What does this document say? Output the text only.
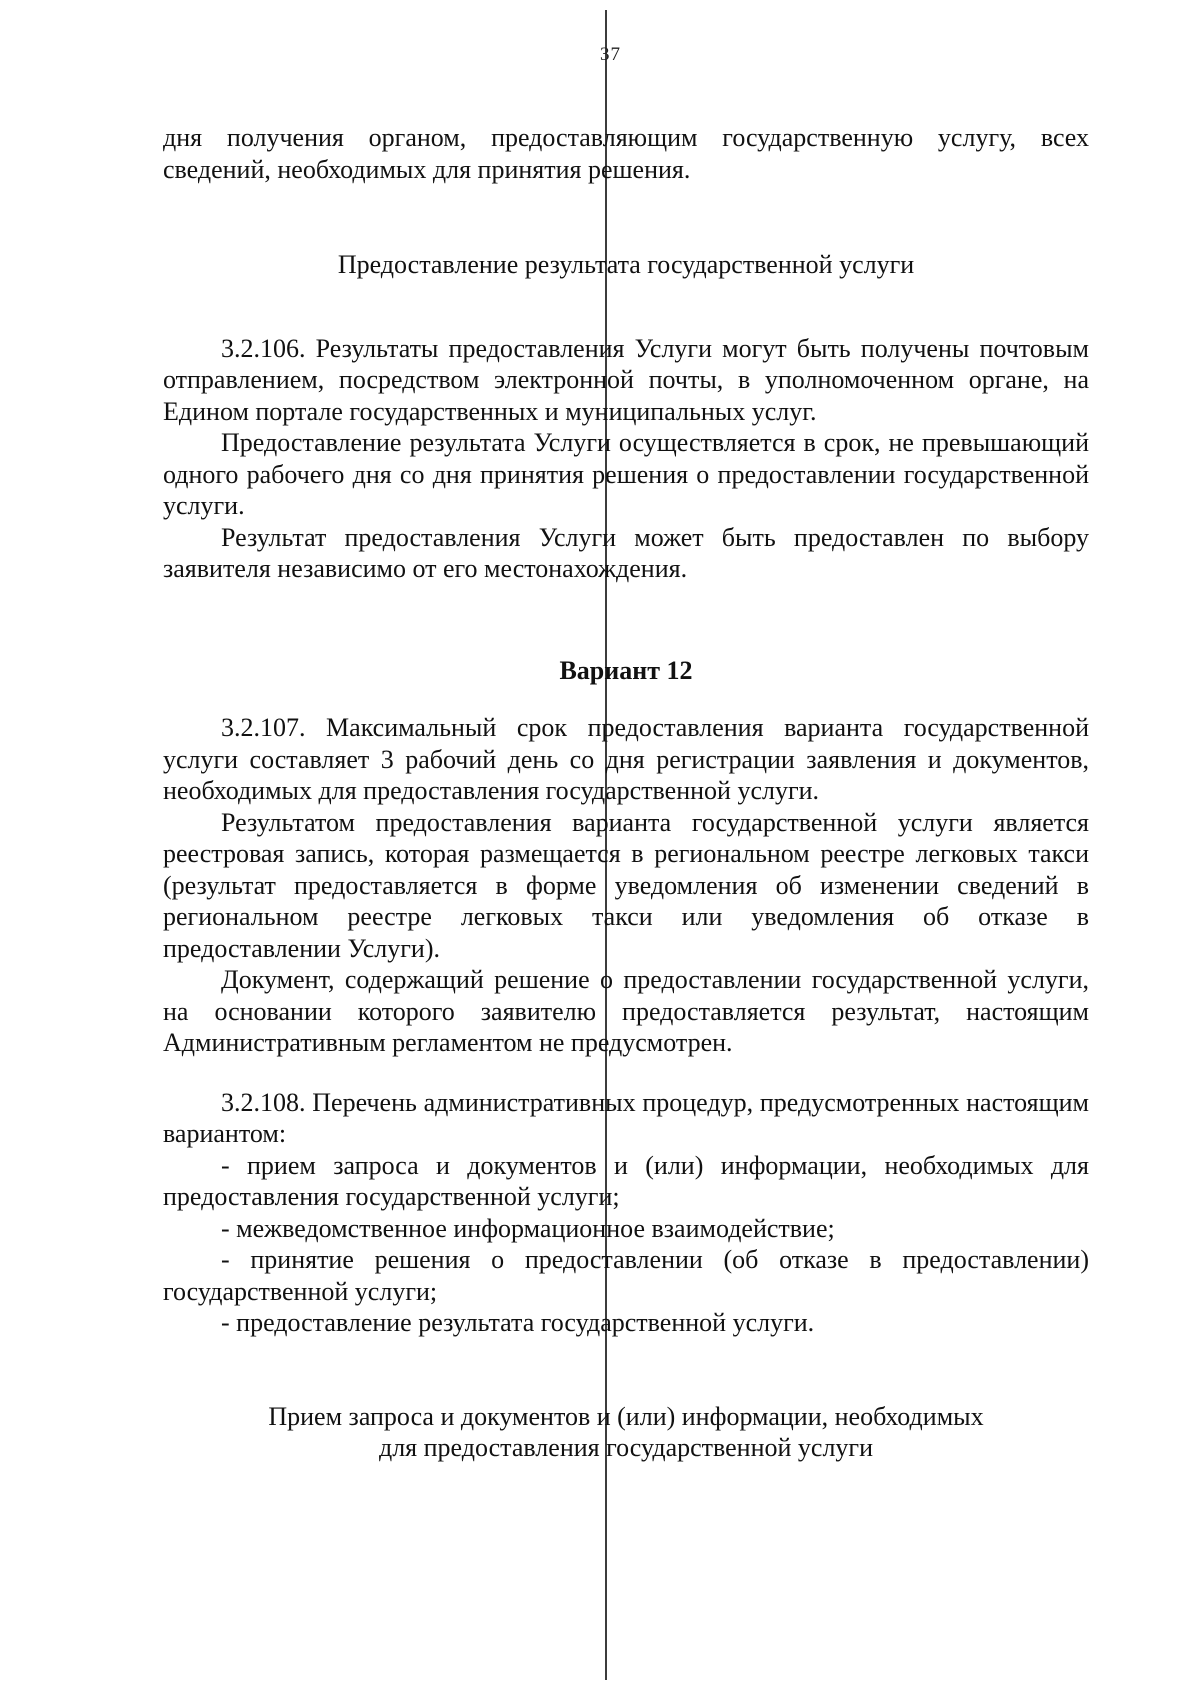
37

дня получения органом, предоставляющим государственную услугу, всех сведений, необходимых для принятия решения.

Предоставление результата государственной услуги

3.2.106. Результаты предоставления Услуги могут быть получены почтовым отправлением, посредством электронной почты, в уполномоченном органе, на Едином портале государственных и муниципальных услуг.

Предоставление результата Услуги осуществляется в срок, не превышающий одного рабочего дня со дня принятия решения о предоставлении государственной услуги.

Результат предоставления Услуги может быть предоставлен по выбору заявителя независимо от его местонахождения.

Вариант 12

3.2.107. Максимальный срок предоставления варианта государственной услуги составляет 3 рабочий день со дня регистрации заявления и документов, необходимых для предоставления государственной услуги.

Результатом предоставления варианта государственной услуги является реестровая запись, которая размещается в региональном реестре легковых такси (результат предоставляется в форме уведомления об изменении сведений в региональном реестре легковых такси или уведомления об отказе в предоставлении Услуги).

Документ, содержащий решение о предоставлении государственной услуги, на основании которого заявителю предоставляется результат, настоящим Административным регламентом не предусмотрен.

3.2.108. Перечень административных процедур, предусмотренных настоящим вариантом:

- прием запроса и документов и (или) информации, необходимых для предоставления государственной услуги;

- межведомственное информационное взаимодействие;

- принятие решения о предоставлении (об отказе в предоставлении) государственной услуги;

- предоставление результата государственной услуги.

Прием запроса и документов и (или) информации, необходимых
для предоставления государственной услуги
